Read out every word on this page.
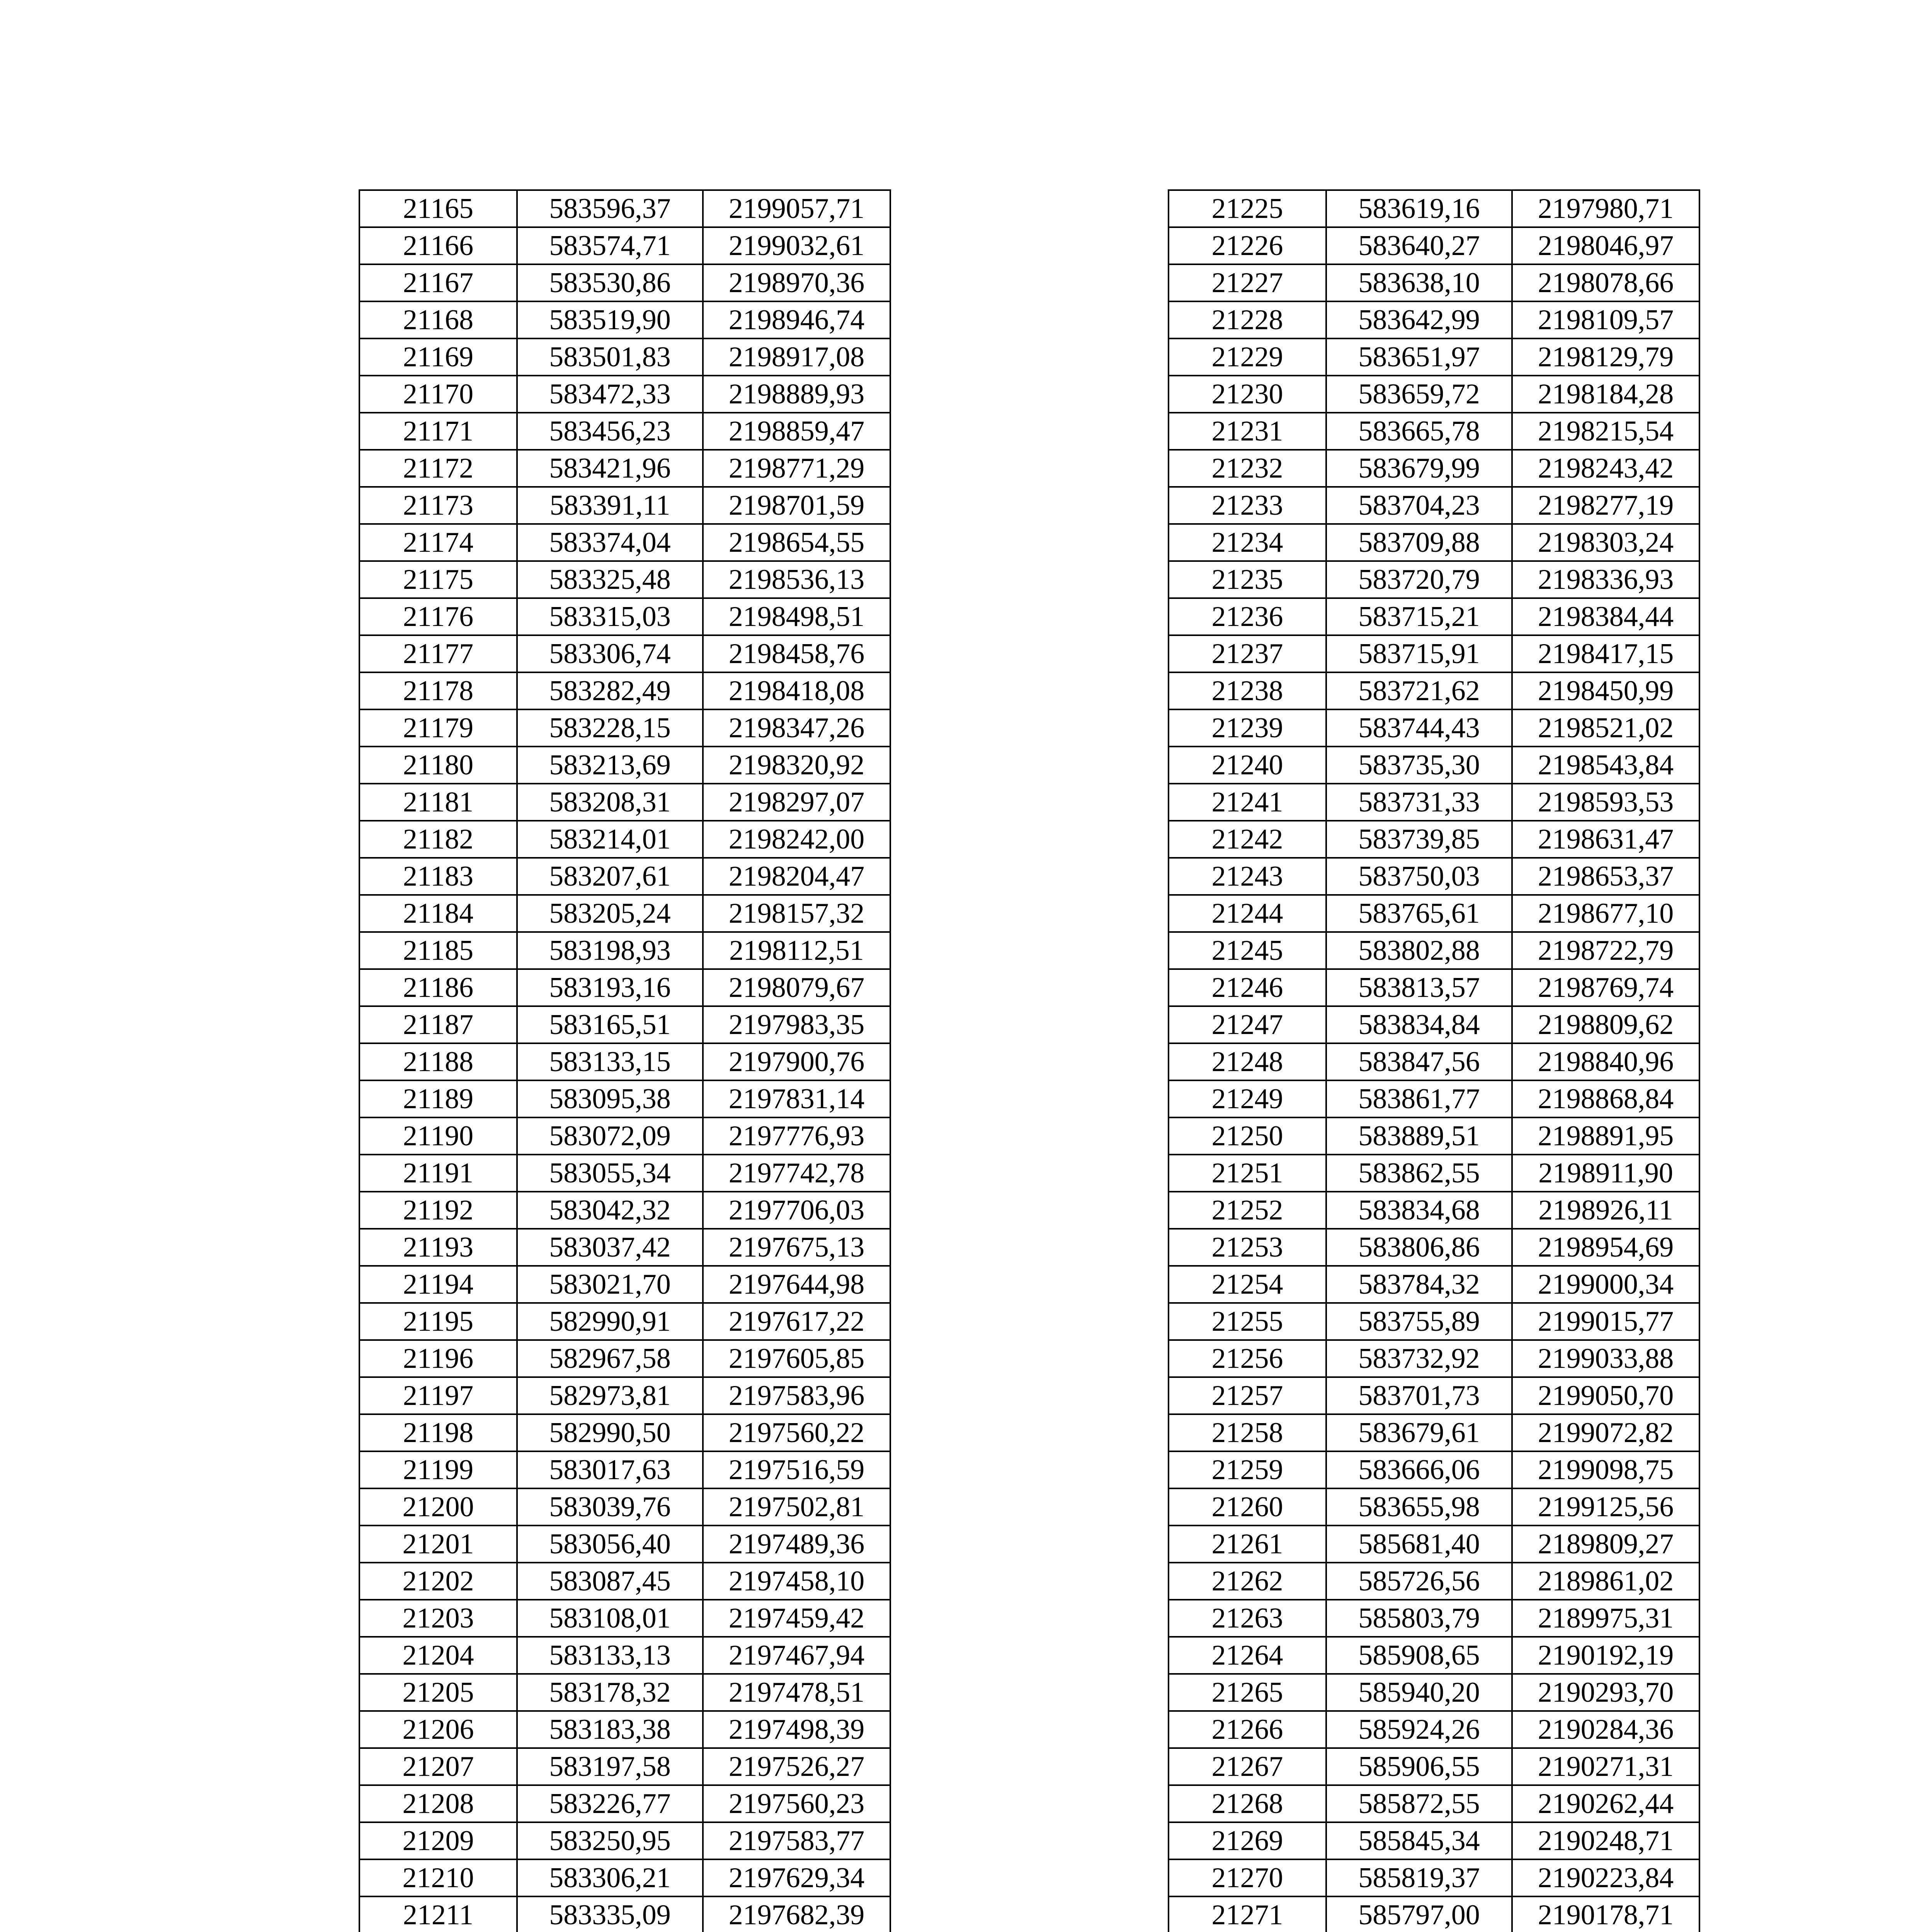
21165	583596,37	2199057,71
21166	583574,71	2199032,61
21167	583530,86	2198970,36
21168	583519,90	2198946,74
21169	583501,83	2198917,08
21170	583472,33	2198889,93
21171	583456,23	2198859,47
21172	583421,96	2198771,29
21173	583391,11	2198701,59
21174	583374,04	2198654,55
21175	583325,48	2198536,13
21176	583315,03	2198498,51
21177	583306,74	2198458,76
21178	583282,49	2198418,08
21179	583228,15	2198347,26
21180	583213,69	2198320,92
21181	583208,31	2198297,07
21182	583214,01	2198242,00
21183	583207,61	2198204,47
21184	583205,24	2198157,32
21185	583198,93	2198112,51
21186	583193,16	2198079,67
21187	583165,51	2197983,35
21188	583133,15	2197900,76
21189	583095,38	2197831,14
21190	583072,09	2197776,93
21191	583055,34	2197742,78
21192	583042,32	2197706,03
21193	583037,42	2197675,13
21194	583021,70	2197644,98
21195	582990,91	2197617,22
21196	582967,58	2197605,85
21197	582973,81	2197583,96
21198	582990,50	2197560,22
21199	583017,63	2197516,59
21200	583039,76	2197502,81
21201	583056,40	2197489,36
21202	583087,45	2197458,10
21203	583108,01	2197459,42
21204	583133,13	2197467,94
21205	583178,32	2197478,51
21206	583183,38	2197498,39
21207	583197,58	2197526,27
21208	583226,77	2197560,23
21209	583250,95	2197583,77
21210	583306,21	2197629,34
21211	583335,09	2197682,39

21225	583619,16	2197980,71
21226	583640,27	2198046,97
21227	583638,10	2198078,66
21228	583642,99	2198109,57
21229	583651,97	2198129,79
21230	583659,72	2198184,28
21231	583665,78	2198215,54
21232	583679,99	2198243,42
21233	583704,23	2198277,19
21234	583709,88	2198303,24
21235	583720,79	2198336,93
21236	583715,21	2198384,44
21237	583715,91	2198417,15
21238	583721,62	2198450,99
21239	583744,43	2198521,02
21240	583735,30	2198543,84
21241	583731,33	2198593,53
21242	583739,85	2198631,47
21243	583750,03	2198653,37
21244	583765,61	2198677,10
21245	583802,88	2198722,79
21246	583813,57	2198769,74
21247	583834,84	2198809,62
21248	583847,56	2198840,96
21249	583861,77	2198868,84
21250	583889,51	2198891,95
21251	583862,55	2198911,90
21252	583834,68	2198926,11
21253	583806,86	2198954,69
21254	583784,32	2199000,34
21255	583755,89	2199015,77
21256	583732,92	2199033,88
21257	583701,73	2199050,70
21258	583679,61	2199072,82
21259	583666,06	2199098,75
21260	583655,98	2199125,56
21261	585681,40	2189809,27
21262	585726,56	2189861,02
21263	585803,79	2189975,31
21264	585908,65	2190192,19
21265	585940,20	2190293,70
21266	585924,26	2190284,36
21267	585906,55	2190271,31
21268	585872,55	2190262,44
21269	585845,34	2190248,71
21270	585819,37	2190223,84
21271	585797,00	2190178,71
